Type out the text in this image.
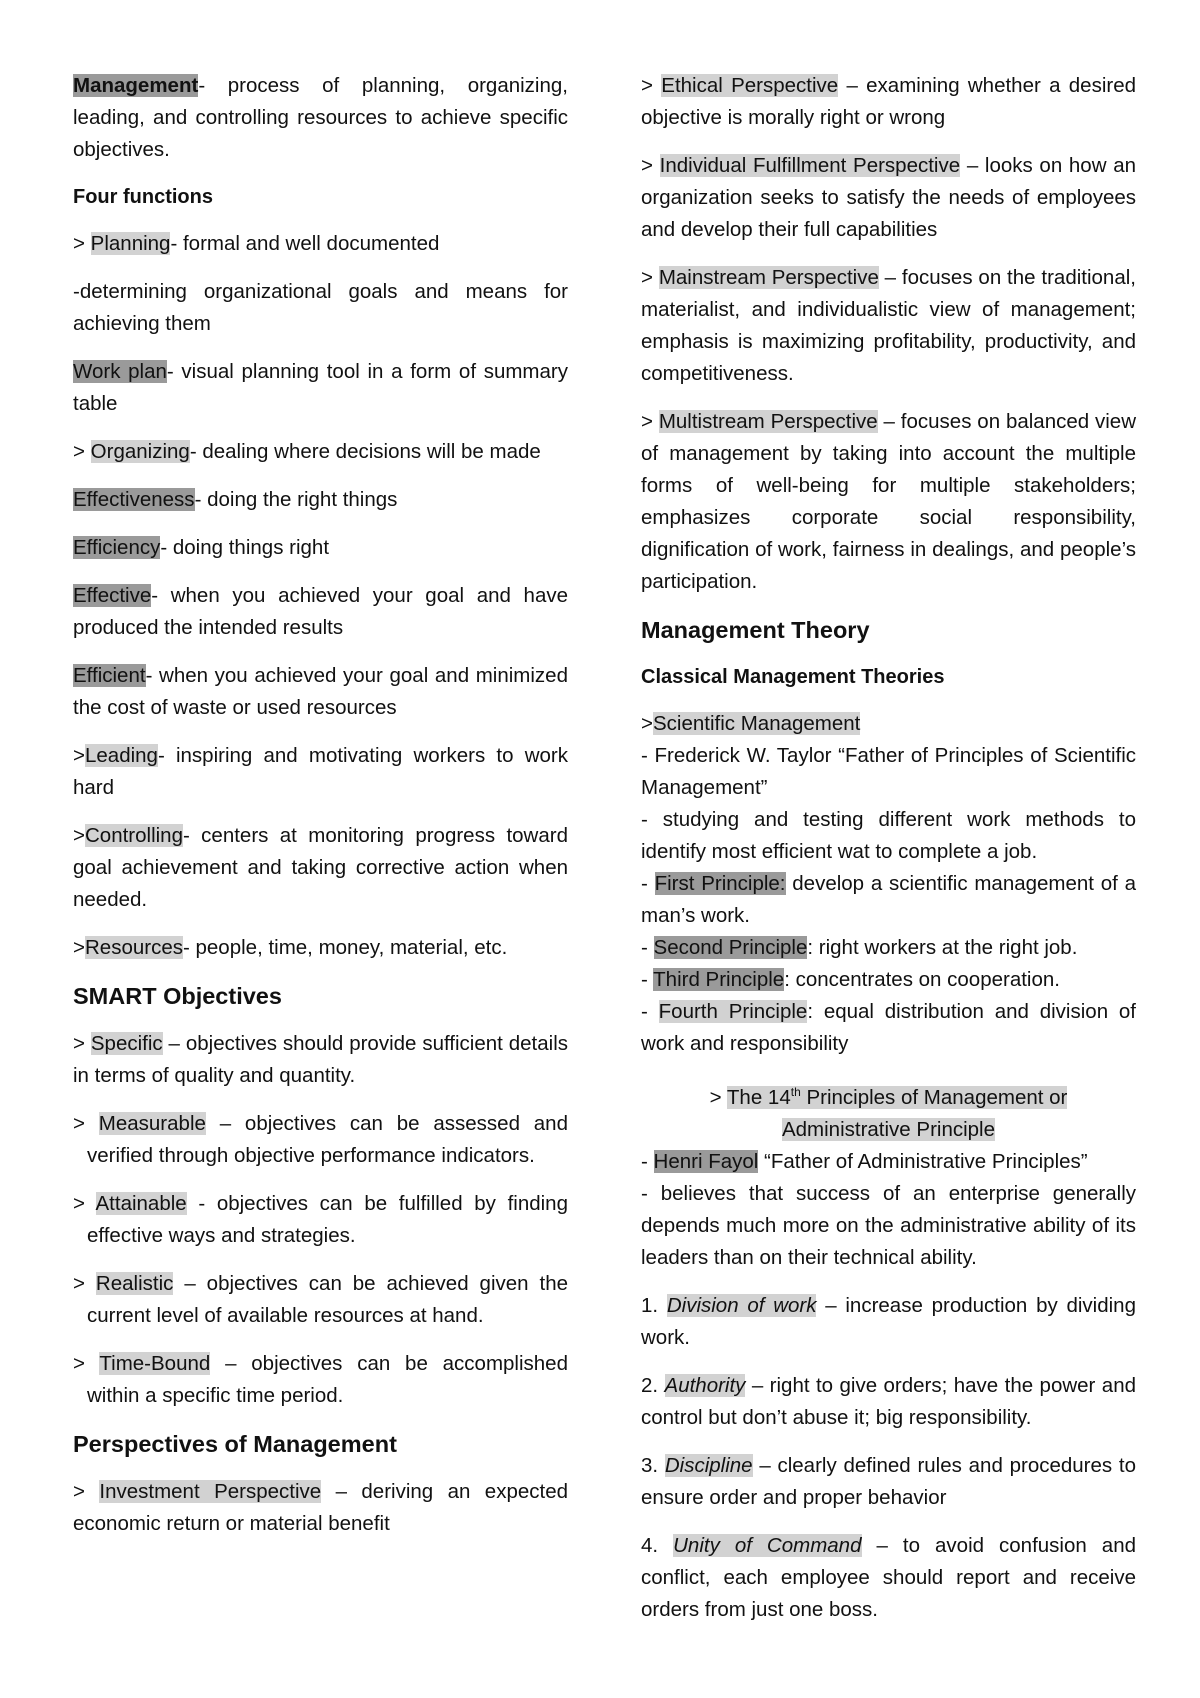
Management- process of planning, organizing, leading, and controlling resources to achieve specific objectives.

Four functions

> Planning- formal and well documented

-determining organizational goals and means for achieving them

Work plan- visual planning tool in a form of summary table

> Organizing- dealing where decisions will be made

Effectiveness- doing the right things

Efficiency- doing things right

Effective- when you achieved your goal and have produced the intended results

Efficient- when you achieved your goal and minimized the cost of waste or used resources

>Leading- inspiring and motivating workers to work hard

>Controlling- centers at monitoring progress toward goal achievement and taking corrective action when needed.

>Resources- people, time, money, material, etc.

SMART Objectives

> Specific – objectives should provide sufficient details in terms of quality and quantity.

> Measurable – objectives can be assessed and verified through objective performance indicators.

> Attainable - objectives can be fulfilled by finding effective ways and strategies.

> Realistic – objectives can be achieved given the current level of available resources at hand.

> Time-Bound – objectives can be accomplished within a specific time period.

Perspectives of Management

> Investment Perspective – deriving an expected economic return or material benefit

> Ethical Perspective – examining whether a desired objective is morally right or wrong

> Individual Fulfillment Perspective – looks on how an organization seeks to satisfy the needs of employees and develop their full capabilities

> Mainstream Perspective – focuses on the traditional, materialist, and individualistic view of management; emphasis is maximizing profitability, productivity, and competitiveness.

> Multistream Perspective – focuses on balanced view of management by taking into account the multiple forms of well-being for multiple stakeholders; emphasizes corporate social responsibility, dignification of work, fairness in dealings, and people’s participation.

Management Theory
Classical Management Theories

>Scientific Management

- Frederick W. Taylor “Father of Principles of Scientific Management”

- studying and testing different work methods to identify most efficient wat to complete a job.

- First Principle: develop a scientific management of a man’s work.

- Second Principle: right workers at the right job.

- Third Principle: concentrates on cooperation.

- Fourth Principle: equal distribution and division of work and responsibility

> The 14th Principles of Management or

Administrative Principle

- Henri Fayol “Father of Administrative Principles”

- believes that success of an enterprise generally depends much more on the administrative ability of its leaders than on their technical ability.

1. Division of work – increase production by dividing work.

2. Authority – right to give orders; have the power and control but don’t abuse it; big responsibility.

3. Discipline – clearly defined rules and procedures to ensure order and proper behavior

4. Unity of Command – to avoid confusion and conflict, each employee should report and receive orders from just one boss.
